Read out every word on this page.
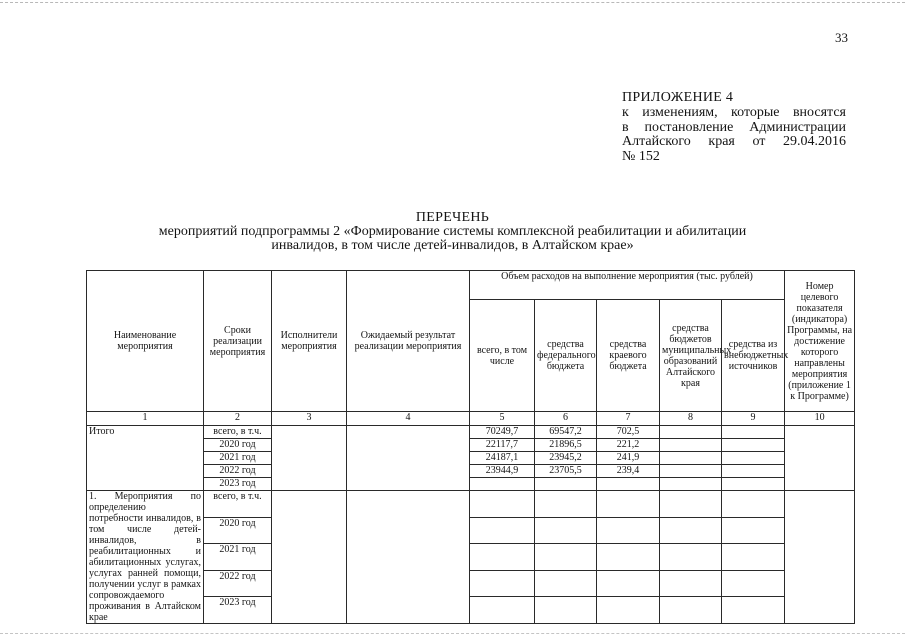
33
ПРИЛОЖЕНИЕ 4
к изменениям, которые вносятся
в постановление Администрации
Алтайского края от 29.04.2016
№ 152
ПЕРЕЧЕНЬ
мероприятий подпрограммы 2 «Формирование системы комплексной реабилитации и абилитации
инвалидов, в том числе детей-инвалидов, в Алтайском крае»
Наименование мероприятия	Сроки реализации мероприятия	Исполнители мероприятия	Ожидаемый результат реализации мероприятия	Объем расходов на выполнение мероприятия (тыс. рублей)					Номер целевого показателя (индикатора) Программы, на достижение которого направлены мероприятия (приложение 1 к Программе)
				всего, в том числе	средства федерального бюджета	средства краевого бюджета	средства бюджетов муниципальных образований Алтайского края	средства из внебюджетных источников	
1	2	3	4	5	6	7	8	9	10
Итого	всего, в т.ч.			70249,7	69547,2	702,5			
	2020 год			22117,7	21896,5	221,2			
	2021 год			24187,1	23945,2	241,9			
	2022 год			23944,9	23705,5	239,4			
	2023 год								
1. Мероприятия по определению потребности инвалидов, в том числе детей-инвалидов, в реабилитационных и абилитационных услугах, услугах ранней помощи, получении услуг в рамках сопровождаемого проживания в Алтайском крае	всего, в т.ч.								
	2020 год								
	2021 год								
	2022 год								
	2023 год								
